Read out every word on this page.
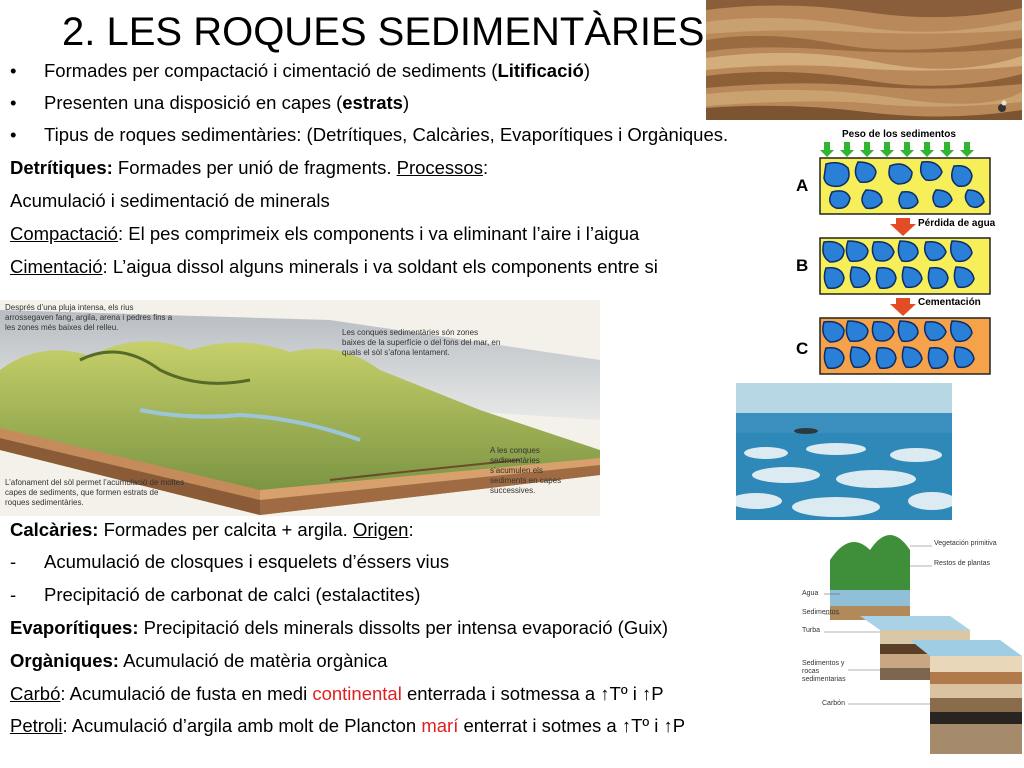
2. LES ROQUES SEDIMENTÀRIES
• Formades per compactació i cimentació de sediments (Litificació)
• Presenten una disposició en capes (estrats)
• Tipus de roques sedimentàries: (Detrítiques, Calcàries, Evaporítiques i Orgàniques.
Detrítiques: Formades per unió de fragments. Processos:
Acumulació i sedimentació de minerals
Compactació: El pes comprimeix els components i va eliminant l’aire i l’aigua
Cimentació: L’aigua dissol alguns minerals i va soldant els components entre si
Calcàries: Formades per calcita + argila. Origen:
- Acumulació de closques i esquelets d’éssers vius
- Precipitació de carbonat de calci (estalactites)
Evaporítiques: Precipitació dels minerals dissolts per intensa evaporació (Guix)
Orgàniques: Acumulació de matèria orgànica
Carbó: Acumulació de fusta en medi continental enterrada i sotmessa a ↑Tº i ↑P
Petroli: Acumulació d’argila amb molt de Plancton marí enterrat i sotmes a ↑Tº i ↑P
Peso de los sedimentos
A
B
C
Pérdida de agua
Cementación
Després d’una pluja intensa, els rius arrossegaven fang, argila, arena i pedres fins a les zones més baixes del relleu.
Les conques sedimentàries són zones baixes de la superfície o del fons del mar, en quals el sòl s’afona lentament.
A les conques sedimentàries s’acumulen els sediments en capes successives.
L’afonament del sòl permet l’acumulació de moltes capes de sediments, que formen estrats de roques sedimentàries.
Vegetación primitiva
Restos de plantas
Agua
Sedimentos
Turba
Sedimentos y rocas sedimentarias
Carbón
